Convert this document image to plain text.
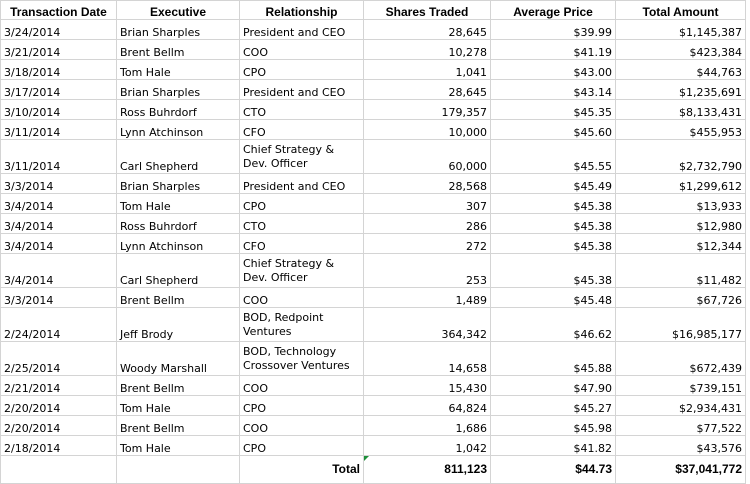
Transaction Date	Executive	Relationship	Shares Traded	Average Price	Total Amount
3/24/2014	Brian Sharples	President and CEO	28,645	$39.99	$1,145,387
3/21/2014	Brent Bellm	COO	10,278	$41.19	$423,384
3/18/2014	Tom Hale	CPO	1,041	$43.00	$44,763
3/17/2014	Brian Sharples	President and CEO	28,645	$43.14	$1,235,691
3/10/2014	Ross Buhrdorf	CTO	179,357	$45.35	$8,133,431
3/11/2014	Lynn Atchinson	CFO	10,000	$45.60	$455,953
3/11/2014	Carl Shepherd	Chief Strategy & Dev. Officer	60,000	$45.55	$2,732,790
3/3/2014	Brian Sharples	President and CEO	28,568	$45.49	$1,299,612
3/4/2014	Tom Hale	CPO	307	$45.38	$13,933
3/4/2014	Ross Buhrdorf	CTO	286	$45.38	$12,980
3/4/2014	Lynn Atchinson	CFO	272	$45.38	$12,344
3/4/2014	Carl Shepherd	Chief Strategy & Dev. Officer	253	$45.38	$11,482
3/3/2014	Brent Bellm	COO	1,489	$45.48	$67,726
2/24/2014	Jeff Brody	BOD, Redpoint Ventures	364,342	$46.62	$16,985,177
2/25/2014	Woody Marshall	BOD, Technology Crossover Ventures	14,658	$45.88	$672,439
2/21/2014	Brent Bellm	COO	15,430	$47.90	$739,151
2/20/2014	Tom Hale	CPO	64,824	$45.27	$2,934,431
2/20/2014	Brent Bellm	COO	1,686	$45.98	$77,522
2/18/2014	Tom Hale	CPO	1,042	$41.82	$43,576
		Total	811,123	$44.73	$37,041,772
